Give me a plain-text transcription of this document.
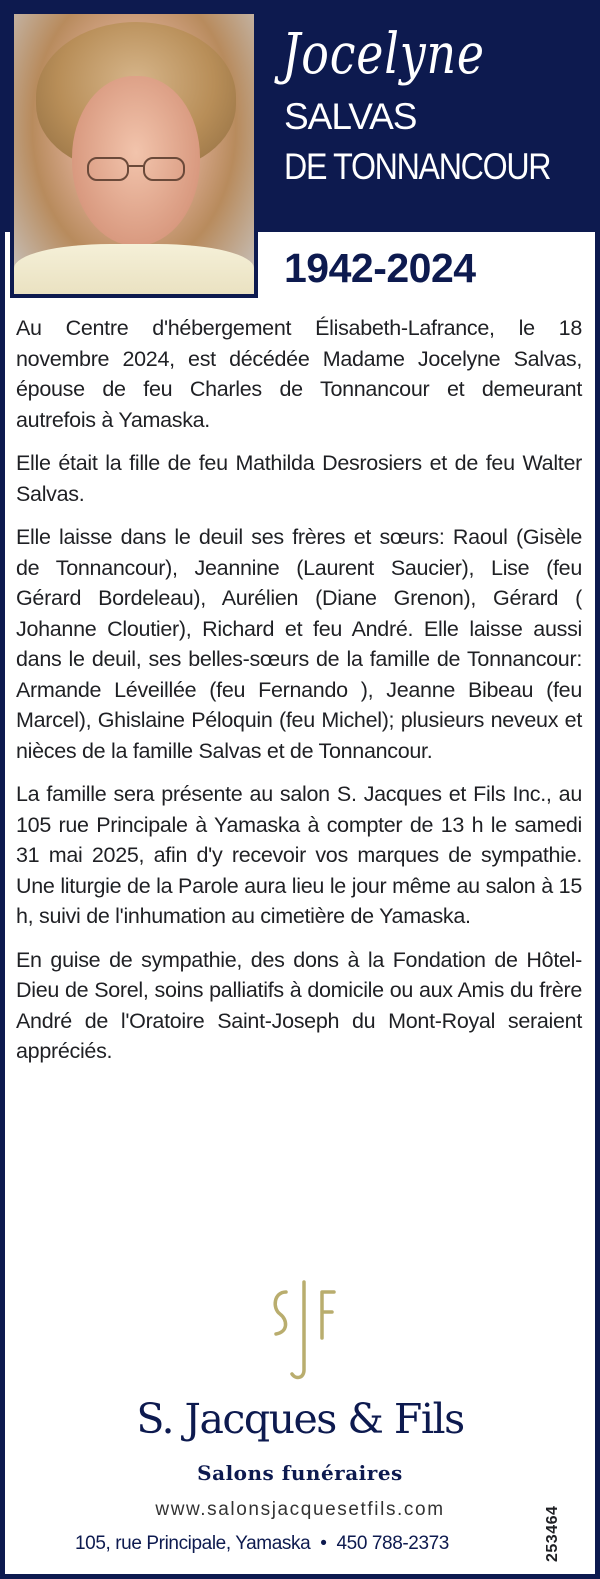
Jocelyne
SALVAS
DE TONNANCOUR
1942-2024

Au Centre d'hébergement Élisabeth-Lafrance, le 18 novembre 2024, est décédée Madame Jocelyne Salvas, épouse de feu Charles de Tonnancour et demeurant autrefois à Yamaska.

Elle était la fille de feu Mathilda Desrosiers et de feu Walter Salvas.

Elle laisse dans le deuil ses frères et sœurs: Raoul (Gisèle de Tonnancour), Jeannine (Laurent Saucier), Lise (feu Gérard Bordeleau), Aurélien (Diane Grenon), Gérard ( Johanne Cloutier), Richard et feu André. Elle laisse aussi dans le deuil, ses belles-sœurs de la famille de Tonnancour: Armande Léveillée (feu Fernando ), Jeanne Bibeau (feu Marcel), Ghislaine Péloquin (feu Michel); plusieurs neveux et nièces de la famille Salvas et de Tonnancour.

La famille sera présente au salon S. Jacques et Fils Inc., au 105 rue Principale à Yamaska à compter de 13 h le samedi 31 mai 2025, afin d'y recevoir vos marques de sympathie. Une liturgie de la Parole aura lieu le jour même au salon à 15 h, suivi de l'inhumation au cimetière de Yamaska.

En guise de sympathie, des dons à la Fondation de Hôtel-Dieu de Sorel, soins palliatifs à domicile ou aux Amis du frère André de l'Oratoire Saint-Joseph du Mont-Royal seraient appréciés.

S. Jacques & Fils
Salons funéraires
www.salonsjacquesetfils.com
105, rue Principale, Yamaska • 450 788-2373	253464
